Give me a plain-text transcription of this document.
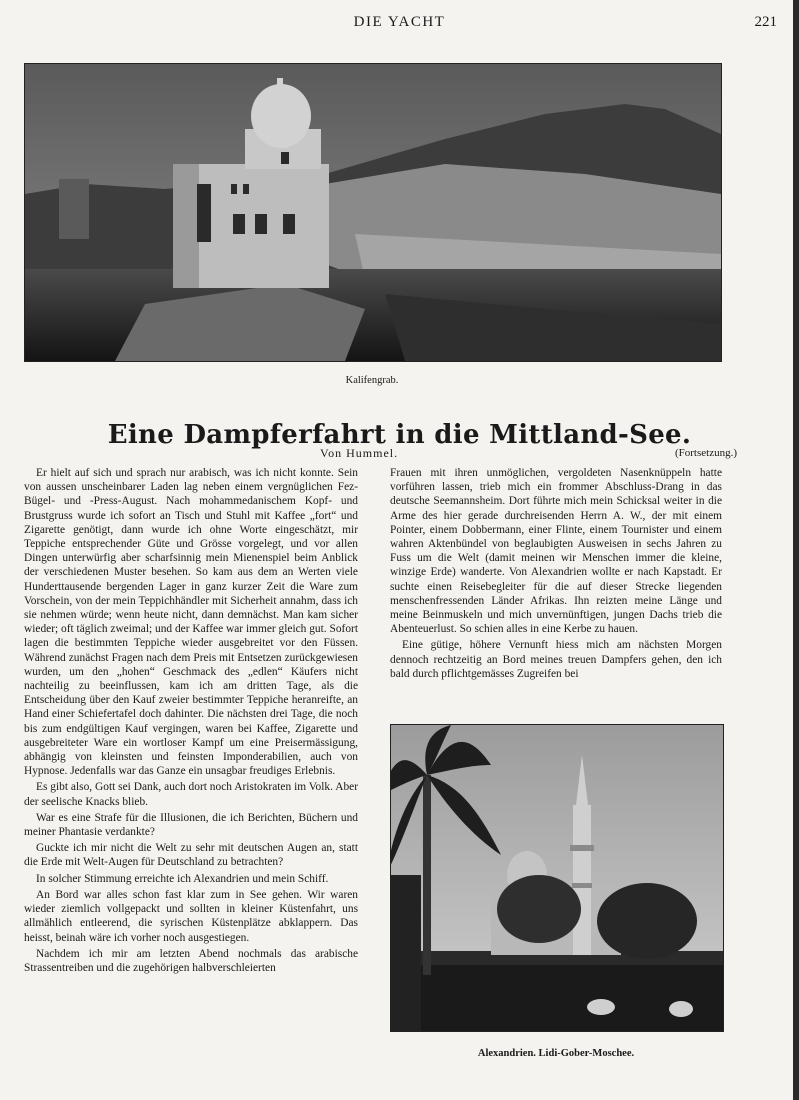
DIE YACHT	221
Kalifengrab.
Eine Dampferfahrt in die Mittland-See.
Von Hummel.	(Fortsetzung.)

Er hielt auf sich und sprach nur arabisch, was ich nicht konnte. Sein von aussen unscheinbarer Laden lag neben einem vergnüglichen Fez-Bügel- und -Press-August. Nach mohammedanischem Kopf- und Brustgruss wurde ich sofort an Tisch und Stuhl mit Kaffee „fort“ und Zigarette genötigt, dann wurde ich ohne Worte eingeschätzt, mir Teppiche entsprechender Güte und Grösse vorgelegt, und vor allen Dingen unterwürfig aber scharfsinnig mein Mienenspiel beim Anblick der verschiedenen Muster besehen. So kam aus dem an Werten viele Hunderttausende bergenden Lager in ganz kurzer Zeit die Ware zum Vorschein, von der mein Teppichhändler mit Sicherheit annahm, dass ich sie nehmen würde; wenn heute nicht, dann demnächst. Man kam sicher wieder; oft täglich zweimal; und der Kaffee war immer gleich gut. Sofort lagen die bestimmten Teppiche wieder ausgebreitet vor den Füssen. Während zunächst Fragen nach dem Preis mit Entsetzen zurückgewiesen wurden, um den „hohen“ Geschmack des „edlen“ Käufers nicht nachteilig zu beeinflussen, kam ich am dritten Tage, als die Entscheidung über den Kauf zweier bestimmter Teppiche heranreifte, an Hand einer Schiefertafel doch dahinter. Die nächsten drei Tage, die noch bis zum endgültigen Kauf vergingen, waren bei Kaffee, Zigarette und ausgebreiteter Ware ein wortloser Kampf um eine Preisermässigung, abhängig von kleinsten und feinsten Imponderabilien, auch von Hypnose. Jedenfalls war das Ganze ein unsagbar freudiges Erlebnis.

Es gibt also, Gott sei Dank, auch dort noch Aristokraten im Volk. Aber der seelische Knacks blieb.

War es eine Strafe für die Illusionen, die ich Berichten, Büchern und meiner Phantasie verdankte?

Guckte ich mir nicht die Welt zu sehr mit deutschen Augen an, statt die Erde mit Welt-Augen für Deutschland zu betrachten?

In solcher Stimmung erreichte ich Alexandrien und mein Schiff.

An Bord war alles schon fast klar zum in See gehen. Wir waren wieder ziemlich vollgepackt und sollten in kleiner Küstenfahrt, uns allmählich entleerend, die syrischen Küstenplätze abklappern. Das heisst, beinah wäre ich vorher noch ausgestiegen.

Nachdem ich mir am letzten Abend nochmals das arabische Strassentreiben und die zugehörigen halbverschleierten

Frauen mit ihren unmöglichen, vergoldeten Nasenknüppeln hatte vorführen lassen, trieb mich ein frommer Abschluss-Drang in das deutsche Seemannsheim. Dort führte mich mein Schicksal weiter in die Arme des hier gerade durchreisenden Herrn A. W., der mit einem Pointer, einem Dobbermann, einer Flinte, einem Tournister und einem wahren Aktenbündel von beglaubigten Ausweisen in sechs Jahren zu Fuss um die Welt (damit meinen wir Menschen immer die kleine, winzige Erde) wanderte. Von Alexandrien wollte er nach Kapstadt. Er suchte einen Reisebegleiter für die auf dieser Strecke liegenden menschenfressenden Länder Afrikas. Ihn reizten meine Länge und meine Beinmuskeln und mich unvernünftigen, jungen Dachs trieb die Abenteuerlust. So schien alles in eine Kerbe zu hauen.

Eine gütige, höhere Vernunft hiess mich am nächsten Morgen dennoch rechtzeitig an Bord meines treuen Dampfers gehen, den ich bald durch pflichtgemässes Zugreifen bei

Alexandrien. Lidi-Gober-Moschee.
